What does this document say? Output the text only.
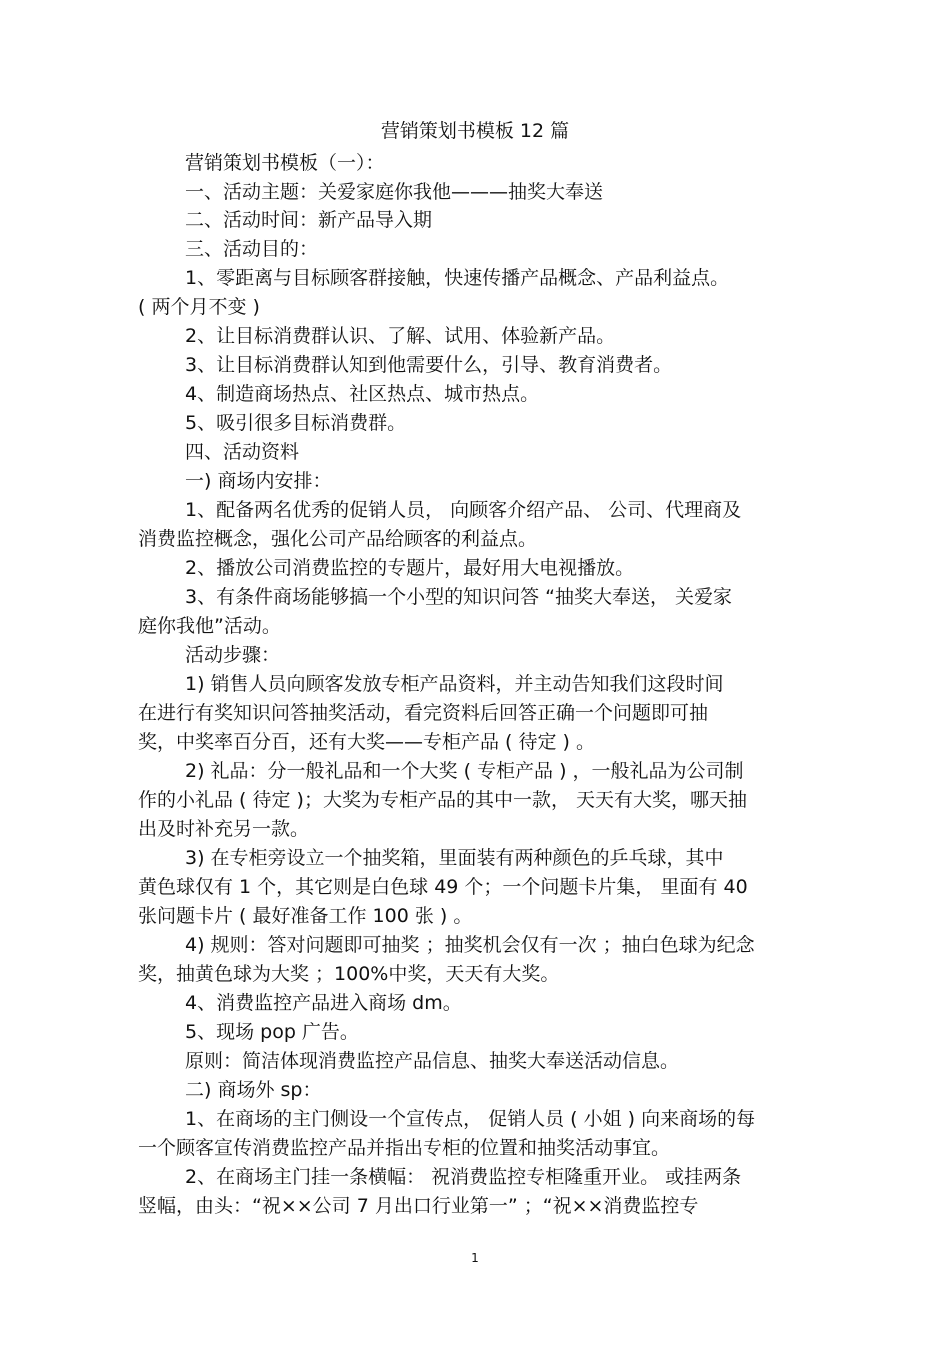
营销策划书模板 12 篇
营销策划书模板（一）：
一、活动主题：关爱家庭你我他———抽奖大奉送
二、活动时间：新产品导入期
三、活动目的：
1、零距离与目标顾客群接触，快速传播产品概念、产品利益点。
( 两个月不变 )
2、让目标消费群认识、了解、试用、体验新产品。
3、让目标消费群认知到他需要什么，引导、教育消费者。
4、制造商场热点、社区热点、城市热点。
5、吸引很多目标消费群。
四、活动资料
一) 商场内安排：
1、配备两名优秀的促销人员， 向顾客介绍产品、 公司、代理商及
消费监控概念，强化公司产品给顾客的利益点。
2、播放公司消费监控的专题片，最好用大电视播放。
3、有条件商场能够搞一个小型的知识问答 “抽奖大奉送， 关爱家
庭你我他”活动。
活动步骤：
1) 销售人员向顾客发放专柜产品资料，并主动告知我们这段时间
在进行有奖知识问答抽奖活动，看完资料后回答正确一个问题即可抽
奖，中奖率百分百，还有大奖——专柜产品 ( 待定 ) 。
2) 礼品：分一般礼品和一个大奖 ( 专柜产品 ) ，一般礼品为公司制
作的小礼品 ( 待定 )；大奖为专柜产品的其中一款， 天天有大奖，哪天抽
出及时补充另一款。
3) 在专柜旁设立一个抽奖箱，里面装有两种颜色的乒乓球，其中
黄色球仅有 1 个，其它则是白色球 49 个；一个问题卡片集， 里面有 40
张问题卡片 ( 最好准备工作 100 张 ) 。
4) 规则：答对问题即可抽奖 ；抽奖机会仅有一次 ；抽白色球为纪念
奖，抽黄色球为大奖 ；100%中奖，天天有大奖。
4、消费监控产品进入商场 dm。
5、现场 pop 广告。
原则：简洁体现消费监控产品信息、抽奖大奉送活动信息。
二) 商场外 sp：
1、在商场的主门侧设一个宣传点， 促销人员 ( 小姐 ) 向来商场的每
一个顾客宣传消费监控产品并指出专柜的位置和抽奖活动事宜。
2、在商场主门挂一条横幅： 祝消费监控专柜隆重开业。 或挂两条
竖幅，由头：“祝××公司 7 月出口行业第一” ；“祝××消费监控专
1
